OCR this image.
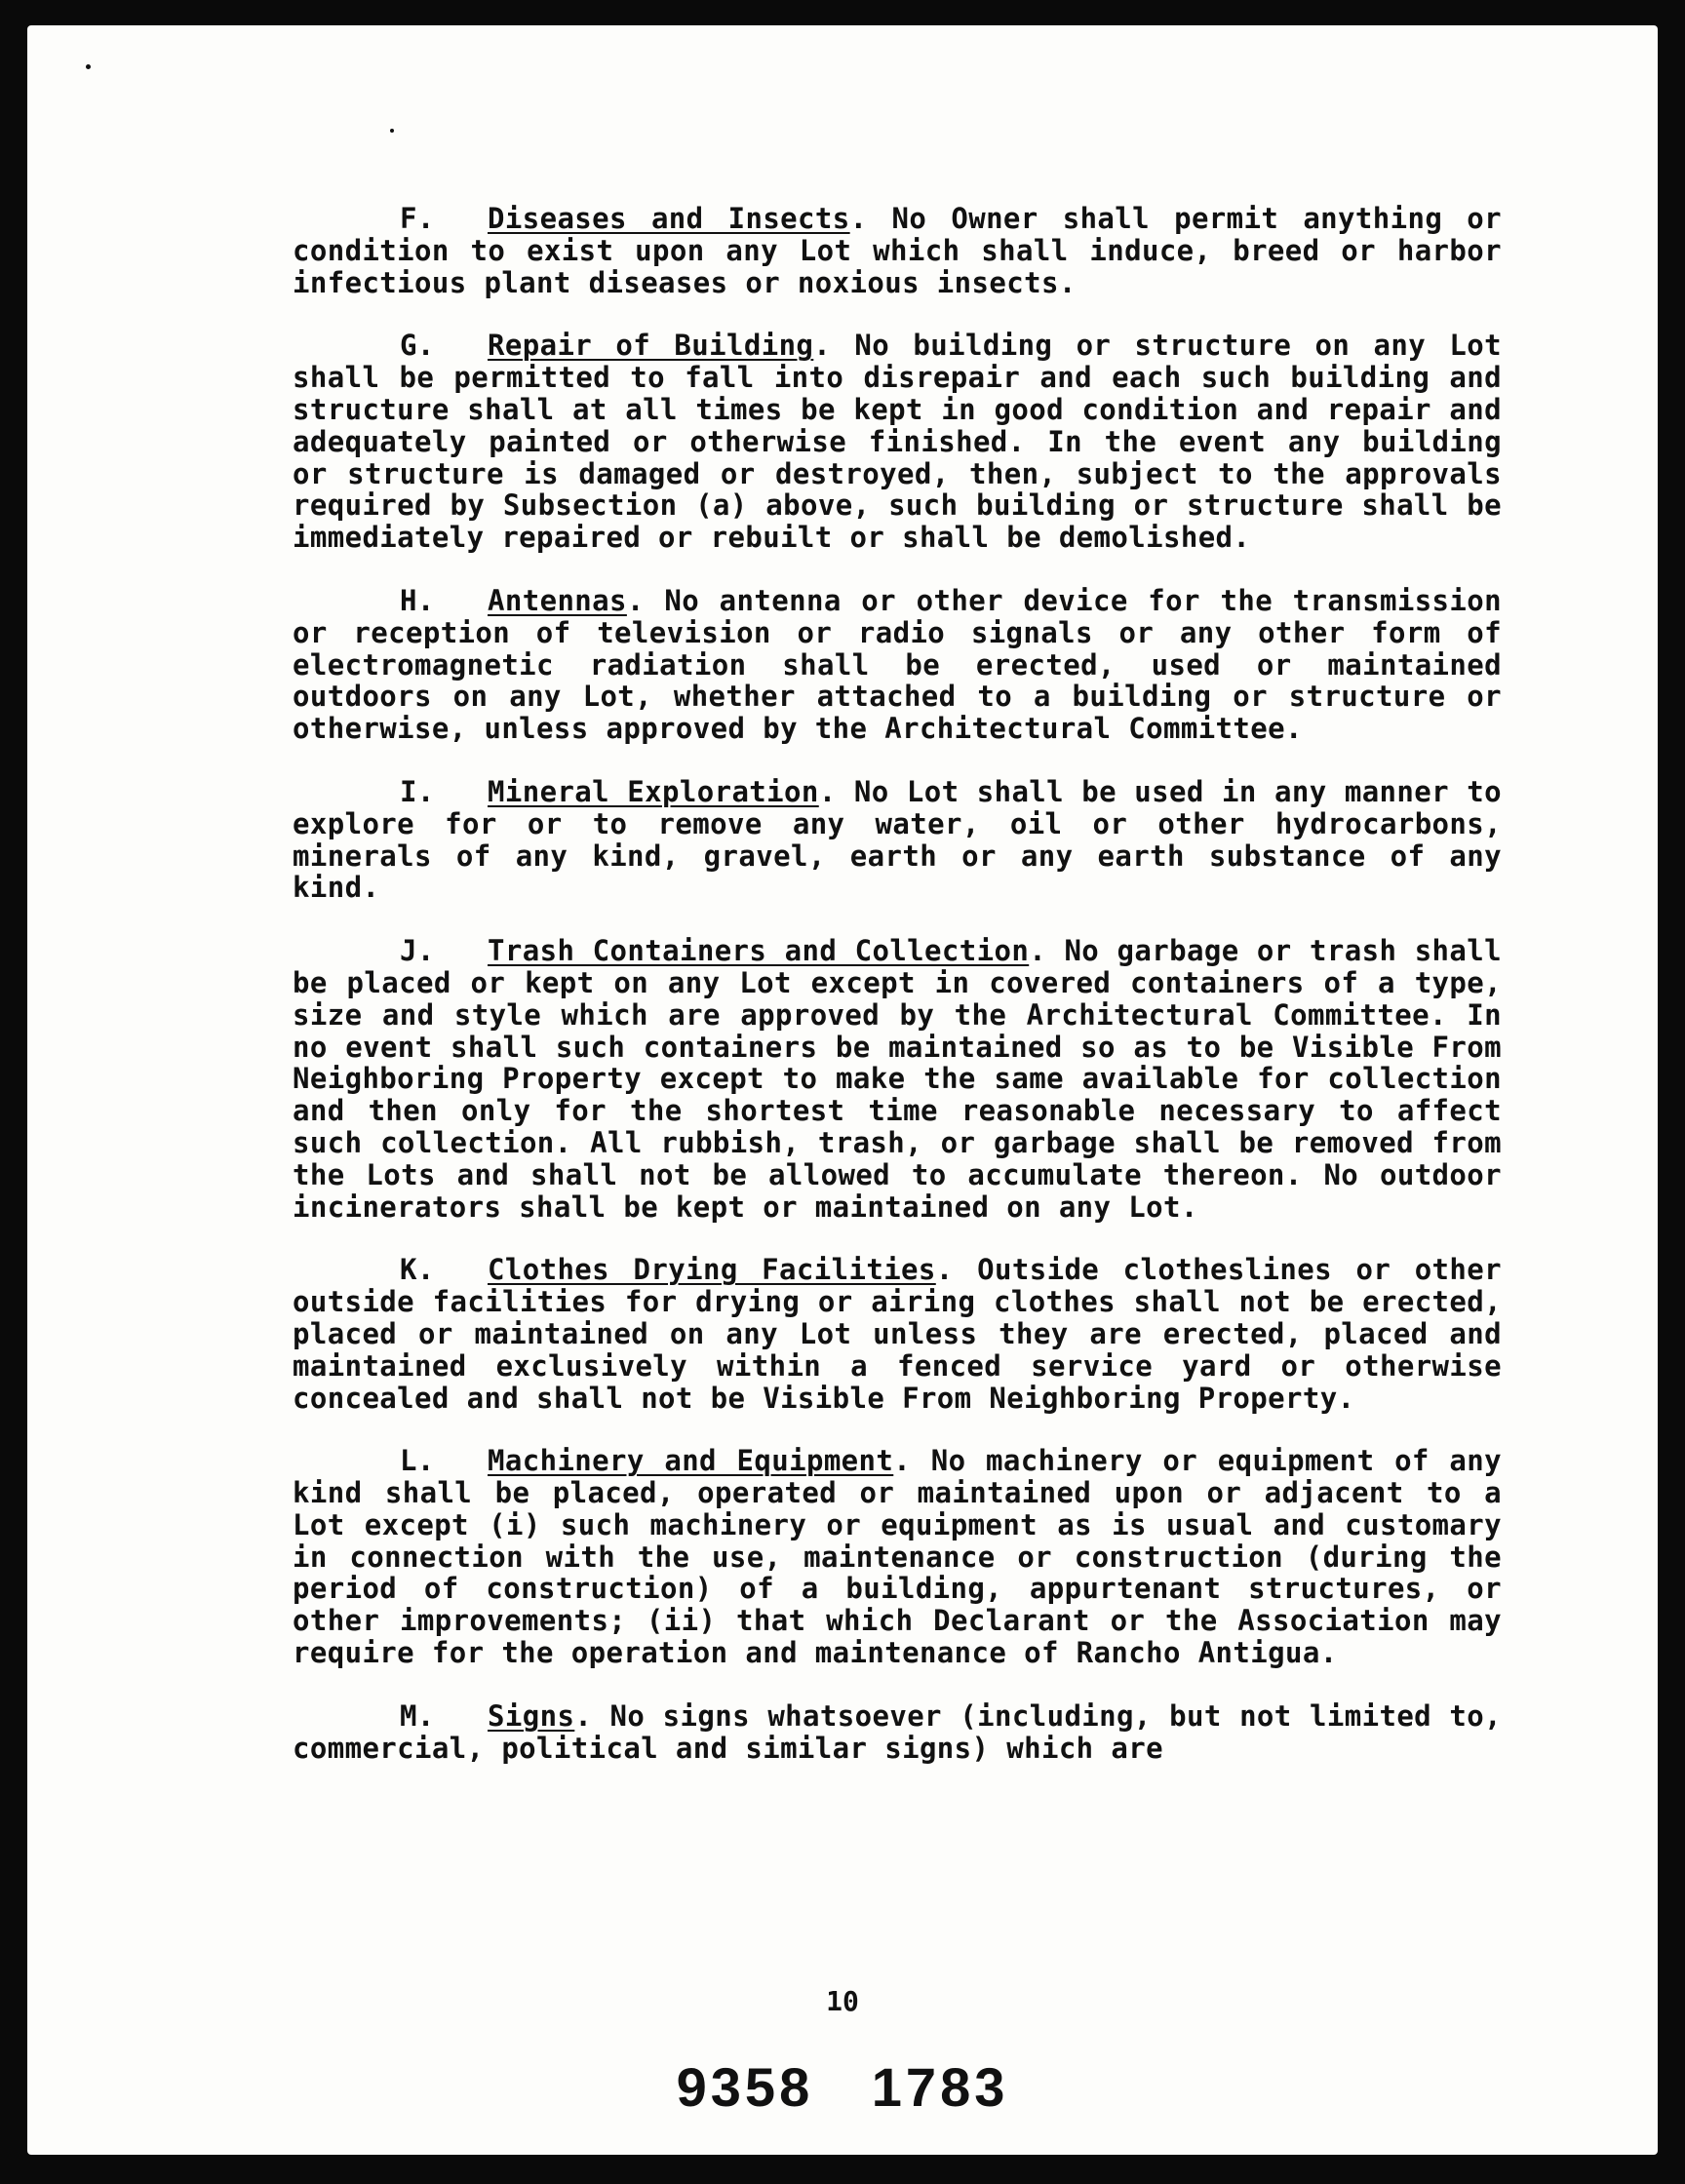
F. Diseases and Insects. No Owner shall permit anything or condition to exist upon any Lot which shall induce, breed or harbor infectious plant diseases or noxious insects.

G. Repair of Building. No building or structure on any Lot shall be permitted to fall into disrepair and each such building and structure shall at all times be kept in good condition and repair and adequately painted or otherwise finished. In the event any building or structure is damaged or destroyed, then, subject to the approvals required by Subsection (a) above, such building or structure shall be immediately repaired or rebuilt or shall be demolished.

H. Antennas. No antenna or other device for the transmission or reception of television or radio signals or any other form of electromagnetic radiation shall be erected, used or maintained outdoors on any Lot, whether attached to a building or structure or otherwise, unless approved by the Architectural Committee.

I. Mineral Exploration. No Lot shall be used in any manner to explore for or to remove any water, oil or other hydrocarbons, minerals of any kind, gravel, earth or any earth substance of any kind.

J. Trash Containers and Collection. No garbage or trash shall be placed or kept on any Lot except in covered containers of a type, size and style which are approved by the Architectural Committee. In no event shall such containers be maintained so as to be Visible From Neighboring Property except to make the same available for collection and then only for the shortest time reasonable necessary to affect such collection. All rubbish, trash, or garbage shall be removed from the Lots and shall not be allowed to accumulate thereon. No outdoor incinerators shall be kept or maintained on any Lot.

K. Clothes Drying Facilities. Outside clotheslines or other outside facilities for drying or airing clothes shall not be erected, placed or maintained on any Lot unless they are erected, placed and maintained exclusively within a fenced service yard or otherwise concealed and shall not be Visible From Neighboring Property.

L. Machinery and Equipment. No machinery or equipment of any kind shall be placed, operated or maintained upon or adjacent to a Lot except (i) such machinery or equipment as is usual and customary in connection with the use, maintenance or construction (during the period of construction) of a building, appurtenant structures, or other improvements; (ii) that which Declarant or the Association may require for the operation and maintenance of Rancho Antigua.

M. Signs. No signs whatsoever (including, but not limited to, commercial, political and similar signs) which are

10
9358 1783
